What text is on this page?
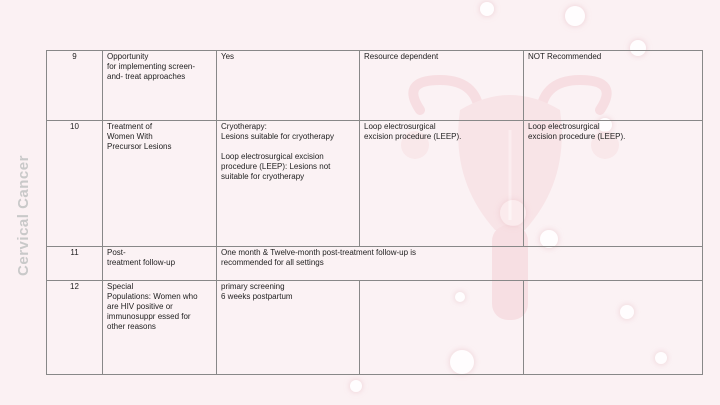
Cervical Cancer
9	Opportunity
for implementing screen-
and- treat approaches	Yes	Resource dependent	NOT Recommended
10	Treatment of
Women With
Precursor Lesions	Cryotherapy:
Lesions suitable for cryotherapy

Loop electrosurgical excision
procedure (LEEP): Lesions not
suitable for cryotherapy	Loop electrosurgical
excision procedure (LEEP).	Loop electrosurgical
excision procedure (LEEP).
11	Post-
treatment follow-up	One month & Twelve-month post-treatment follow-up is
recommended for all settings		
12	Special
Populations: Women who
are HIV positive or
immunosuppr essed for
other reasons	primary screening
6 weeks postpartum		
